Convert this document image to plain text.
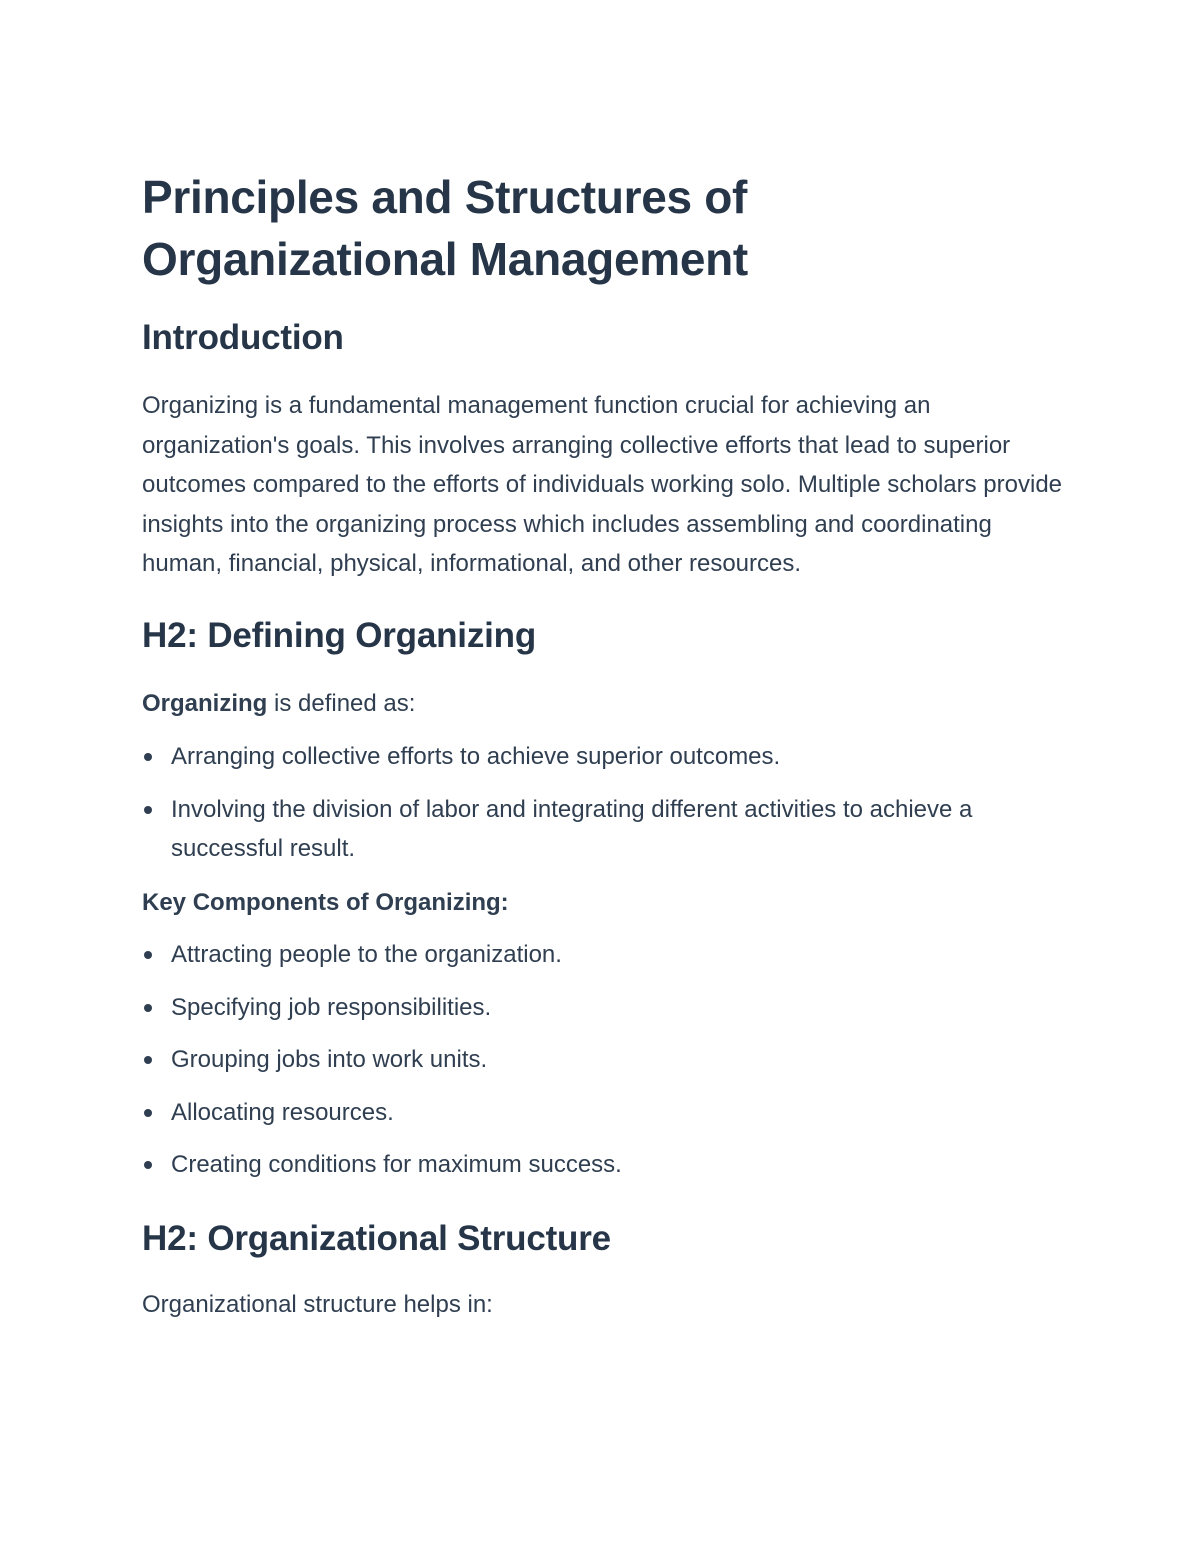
Principles and Structures of
Organizational Management
Introduction

Organizing is a fundamental management function crucial for achieving an organization's goals. This involves arranging collective efforts that lead to superior outcomes compared to the efforts of individuals working solo. Multiple scholars provide insights into the organizing process which includes assembling and coordinating human, financial, physical, informational, and other resources.

H2: Defining Organizing

Organizing is defined as:

Arranging collective efforts to achieve superior outcomes.
Involving the division of labor and integrating different activities to achieve a successful result.

Key Components of Organizing:

Attracting people to the organization.
Specifying job responsibilities.
Grouping jobs into work units.
Allocating resources.
Creating conditions for maximum success.
H2: Organizational Structure

Organizational structure helps in:
